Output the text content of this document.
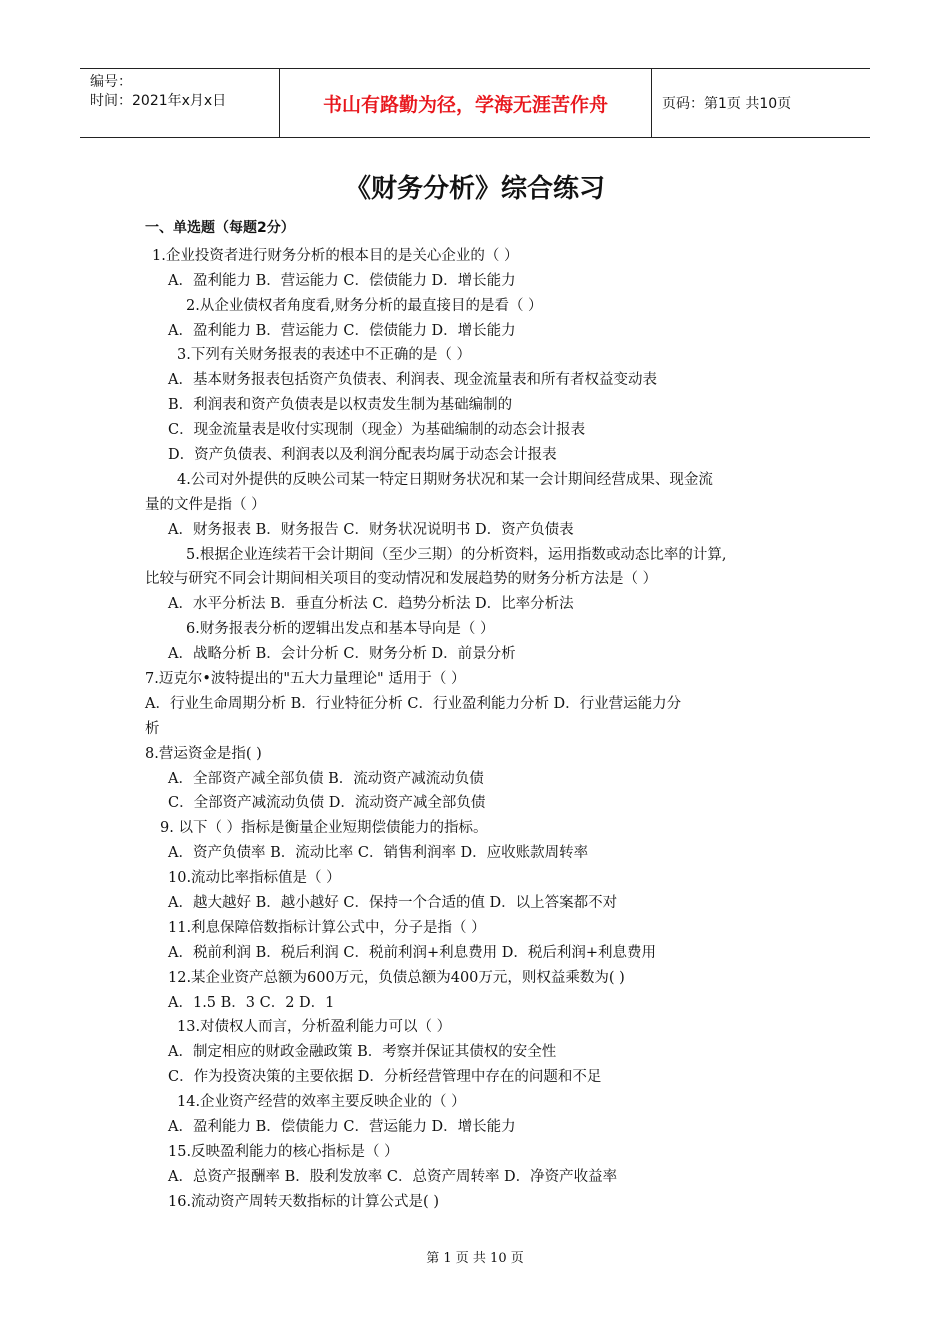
编号：
时间：2021年x月x日	书山有路勤为径，学海无涯苦作舟	页码：第1页 共10页
《财务分析》综合练习
一、单选题（每题2分）
1.企业投资者进行财务分析的根本目的是关心企业的（ ）
A．盈利能力 B．营运能力 C．偿债能力 D．增长能力
2.从企业债权者角度看,财务分析的最直接目的是看（ ）
A．盈利能力 B．营运能力 C．偿债能力 D．增长能力
3.下列有关财务报表的表述中不正确的是（ ）
A．基本财务报表包括资产负债表、利润表、现金流量表和所有者权益变动表
B．利润表和资产负债表是以权责发生制为基础编制的
C．现金流量表是收付实现制（现金）为基础编制的动态会计报表
D．资产负债表、利润表以及利润分配表均属于动态会计报表
4.公司对外提供的反映公司某一特定日期财务状况和某一会计期间经营成果、现金流
量的文件是指（ ）
A．财务报表 B．财务报告 C．财务状况说明书 D．资产负债表
5.根据企业连续若干会计期间（至少三期）的分析资料，运用指数或动态比率的计算,
比较与研究不同会计期间相关项目的变动情况和发展趋势的财务分析方法是（ ）
A．水平分析法 B．垂直分析法 C．趋势分析法 D．比率分析法
6.财务报表分析的逻辑出发点和基本导向是（ ）
A．战略分析 B．会计分析 C．财务分析 D．前景分析
7.迈克尔•波特提出的"五大力量理论" 适用于（ ）
A．行业生命周期分析 B．行业特征分析 C．行业盈利能力分析 D．行业营运能力分
析
8.营运资金是指( )
A．全部资产减全部负债 B．流动资产减流动负债
C．全部资产减流动负债 D．流动资产减全部负债
9. 以下（ ）指标是衡量企业短期偿债能力的指标。
A．资产负债率 B．流动比率 C．销售利润率 D．应收账款周转率
10.流动比率指标值是（ ）
A．越大越好 B．越小越好 C．保持一个合适的值 D．以上答案都不对
11.利息保障倍数指标计算公式中，分子是指（ ）
A．税前利润 B．税后利润 C．税前利润+利息费用 D．税后利润+利息费用
12.某企业资产总额为600万元，负债总额为400万元，则权益乘数为( )
A．1.5 B．3 C．2 D．1
13.对债权人而言，分析盈利能力可以（ ）
A．制定相应的财政金融政策 B．考察并保证其债权的安全性
C．作为投资决策的主要依据 D．分析经营管理中存在的问题和不足
14.企业资产经营的效率主要反映企业的（ ）
A．盈利能力 B．偿债能力 C．营运能力 D．增长能力
15.反映盈利能力的核心指标是（ ）
A．总资产报酬率 B．股利发放率 C．总资产周转率 D．净资产收益率
16.流动资产周转天数指标的计算公式是( )
第 1 页 共 10 页
